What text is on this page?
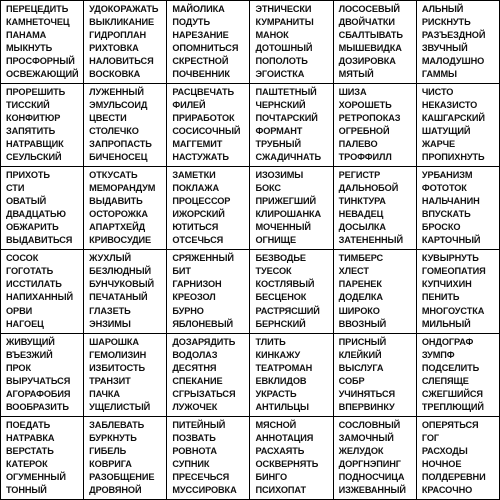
ПЕРЕЦЕДИТЬ
КАМНЕТОЧЕЦ
ПАНАМА
МЫКНУТЬ
ПРОСФОРНЫЙ
ОСВЕЖАЮЩИЙ
УДОКОРАЖАТЬ
ВЫКЛИКАНИЕ
ГИДРОПЛАН
РИХТОВКА
НАЛОВИТЬСЯ
ВОСКОВКА
МАЙОЛИКА
ПОДУТЬ
НАРЕЗАНИЕ
ОПОМНИТЬСЯ
СКРЕСТНОЙ
ПОЧВЕННИК
ЭТНИЧЕСКИ
КУМРАНИТЫ
МАНОК
ДОТОШНЫЙ
ПОПОЛОТЬ
ЭГОИСТКА
ЛОСОСЕВЫЙ
ДВОЙЧАТКИ
СБАЛТЫВАТЬ
МЫШЕВИДКА
ДОЗИРОВКА
МЯТЫЙ
АЛЬНЫЙ
РИСКНУТЬ
РАЗЪЕЗДНОЙ
ЗВУЧНЫЙ
МАЛОДУШНО
ГАММЫ
ПРОРЕШИТЬ
ТИССКИЙ
КОНФИТЮР
ЗАПЯТИТЬ
НАТРАВЩИК
СЕУЛЬСКИЙ
ЛУЖЕННЫЙ
ЭМУЛЬСОИД
ЦВЕСТИ
СТОЛЕЧКО
ЗАПРОПАСТЬ
БИЧЕНОСЕЦ
РАСЦВЕЧАТЬ
ФИЛЕЙ
ПРИРАБОТОК
СОСИСОЧНЫЙ
МАГГЕМИТ
НАСТУЖАТЬ
ПАШТЕТНЫЙ
ЧЕРНСКИЙ
ПОЧТАРСКИЙ
ФОРМАНТ
ТРУБНЫЙ
СЖАДИЧНАТЬ
ШИЗА
ХОРОШЕТЬ
РЕТРОПОКАЗ
ОГРЕБНОЙ
ПАЛЕВО
ТРОФФИЛЛ
ЧИСТО
НЕКАЗИСТО
КАШГАРСКИЙ
ШАТУЩИЙ
ЖАРЧЕ
ПРОПИХНУТЬ
ПРИХОТЬ
СТИ
ОВАТЫЙ
ДВАДЦАТЬЮ
ОБЖАРИТЬ
ВЫДАВИТЬСЯ
ОТКУСАТЬ
МЕМОРАНДУМ
ВЫДАВИТЬ
ОСТОРОЖКА
АПАРТХЕЙД
КРИВОСУДИЕ
ЗАМЕТКИ
ПОКЛАЖА
ПРОЦЕССОР
ИЖОРСКИЙ
ЮТИТЬСЯ
ОТСЕЧЬСЯ
ИЗОЗИМЫ
БОКС
ПРИЖЕГШИЙ
КЛИРОШАНКА
МОЧЕННЫЙ
ОГНИЩЕ
РЕГИСТР
ДАЛЬНОБОЙ
ТИНКТУРА
НЕВАДЕЦ
ДОСЫЛКА
ЗАТЕНЕННЫЙ
УРБАНИЗМ
ФОТОТОК
НАЛЬЧАНИН
ВПУСКАТЬ
БРОСКО
КАРТОЧНЫЙ
СОСОК
ГОГОТАТЬ
ИССТИЛАТЬ
НАПИХАННЫЙ
ОРВИ
НАГОЕЦ
ЖУХЛЫЙ
БЕЗЛЮДНЫЙ
БУНЧУКОВЫЙ
ПЕЧАТАНЫЙ
ГЛАЗЕТЬ
ЭНЗИМЫ
СРЯЖЕННЫЙ
БИТ
ГАРНИЗОН
КРЕОЗОЛ
БУРНО
ЯБЛОНЕВЫЙ
БЕЗВОДЬЕ
ТУЕСОК
КОСТЛЯВЫЙ
БЕСЦЕНОК
РАСТРЯСШИЙ
БЕРНСКИЙ
ТИМБЕРС
ХЛЕСТ
ПАРЕНЕК
ДОДЕЛКА
ШИРОКО
ВВОЗНЫЙ
КУВЫРНУТЬ
ГОМЕОПАТИЯ
КУПЧИХИН
ПЕНИТЬ
МНОГОУСТКА
МИЛЬНЫЙ
ЖИВУЩИЙ
ВЪЕЗЖИЙ
ПРОК
ВЫРУЧАТЬСЯ
АГОРАФОБИЯ
ВООБРАЗИТЬ
ШАРОШКА
ГЕМОЛИЗИН
ИЗБИТОСТЬ
ТРАНЗИТ
ПАЧКА
УЩЕЛИСТЫЙ
ДОЗАРЯДИТЬ
ВОДОЛАЗ
ДЕСЯТНЯ
СПЕКАНИЕ
СГРЫЗАТЬСЯ
ЛУЖОЧЕК
ТЛИТЬ
КИНКАЖУ
ТЕАТРОМАН
ЕВКЛИДОВ
УКРАСТЬ
АНТИЛЬЦЫ
ПРИСНЫЙ
КЛЕЙКИЙ
ВЫСЛУГА
СОБР
УЧИНЯТЬСЯ
ВПЕРВИНКУ
ОНДОГРАФ
ЗУМПФ
ПОДСЕЛИТЬ
СЛЕПЯЩЕ
СЖЕГШИЙСЯ
ТРЕПЛЮЩИЙ
ПОЕДАТЬ
НАТРАВКА
ВЕРСТАТЬ
КАТЕРОК
ОГУМЕННЫЙ
ТОННЫЙ
ЗАБЛЕВАТЬ
БУРКНУТЬ
ГИБЕЛЬ
КОВРИГА
РАЗОБЩЕНИЕ
ДРОВЯНОЙ
ПИТЕЙНЫЙ
ПОЗВАТЬ
РОВНОТА
СУПНИК
ПРЕСЕЧЬСЯ
МУССИРОВКА
МЯСНОЙ
АННОТАЦИЯ
РАСХАЯТЬ
ОСКВЕРНЯТЬ
БИНГО
ПСИХОПАТ
СОСЛОВНЫЙ
ЗАМОЧНЫЙ
ЖЕЛУДОК
ДОРГНЭПИНГ
ПОДНОСЧИЦА
ИЗЖЕВАННЫЙ
ОПЕРЯТЬСЯ
ГОГ
РАСХОДЫ
НОЧНОЕ
ПОЛДЕРЕВНИ
КРАСОЧНО
